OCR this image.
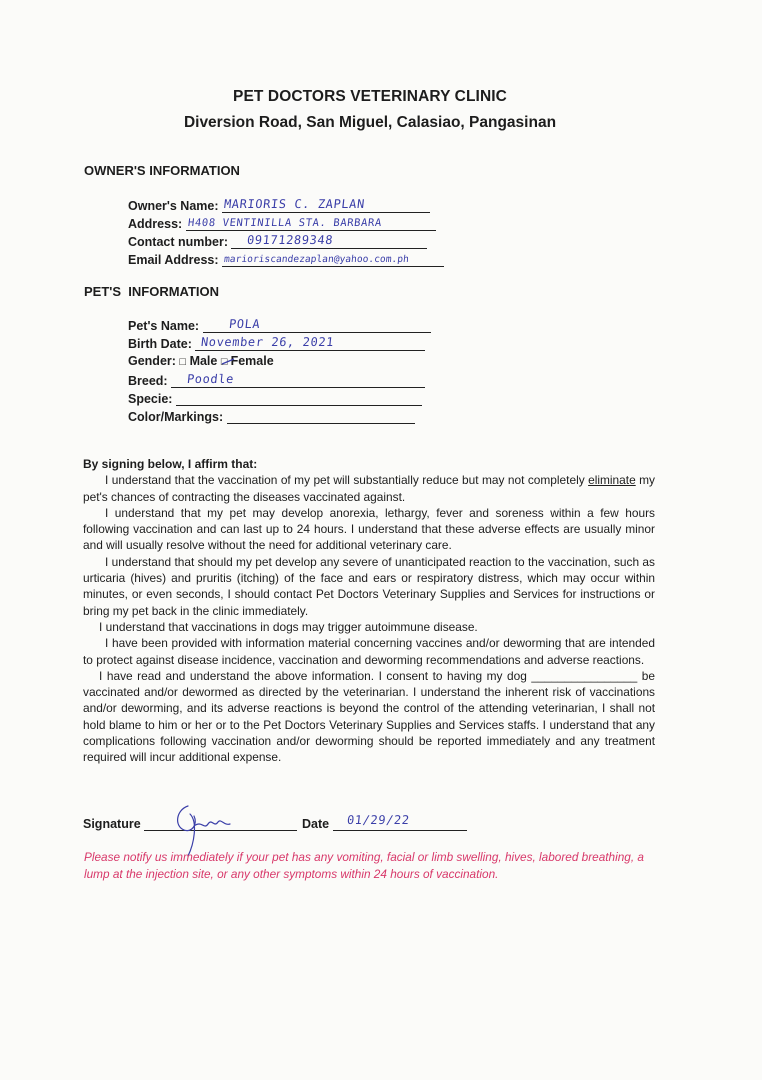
PET DOCTORS VETERINARY CLINIC
Diversion Road, San Miguel, Calasiao, Pangasinan
OWNER'S INFORMATION
Owner's Name: MARIORIS C. ZAPLAN
Address: H408 VENTINILLA STA. BARBARA
Contact number: 09171289348
Email Address: marioriscandezaplan@yahoo.com.ph
PET'S  INFORMATION
Pet's Name: POLA
Birth Date: November 26, 2021
Gender: □ Male □ Female
Breed: Poodle
Specie:
Color/Markings:

By signing below, I affirm that:

I understand that the vaccination of my pet will substantially reduce but may not completely eliminate my pet's chances of contracting the diseases vaccinated against.

I understand that my pet may develop anorexia, lethargy, fever and soreness within a few hours following vaccination and can last up to 24 hours. I understand that these adverse effects are usually minor and will usually resolve without the need for additional veterinary care.

I understand that should my pet develop any severe of unanticipated reaction to the vaccination, such as urticaria (hives) and pruritis (itching) of the face and ears or respiratory distress, which may occur within minutes, or even seconds, I should contact Pet Doctors Veterinary Supplies and Services for instructions or bring my pet back in the clinic immediately.

I understand that vaccinations in dogs may trigger autoimmune disease.

I have been provided with information material concerning vaccines and/or deworming that are intended to protect against disease incidence, vaccination and deworming recommendations and adverse reactions.

I have read and understand the above information. I consent to having my dog ________________ be vaccinated and/or dewormed as directed by the veterinarian. I understand the inherent risk of vaccinations and/or deworming, and its adverse reactions is beyond the control of the attending veterinarian, I shall not hold blame to him or her or to the Pet Doctors Veterinary Supplies and Services staffs. I understand that any complications following vaccination and/or deworming should be reported immediately and any treatment required will incur additional expense.

Signature	Date 01/29/22
Please notify us immediately if your pet has any vomiting, facial or limb swelling, hives, labored breathing, a lump at the injection site, or any other symptoms within 24 hours of vaccination.
